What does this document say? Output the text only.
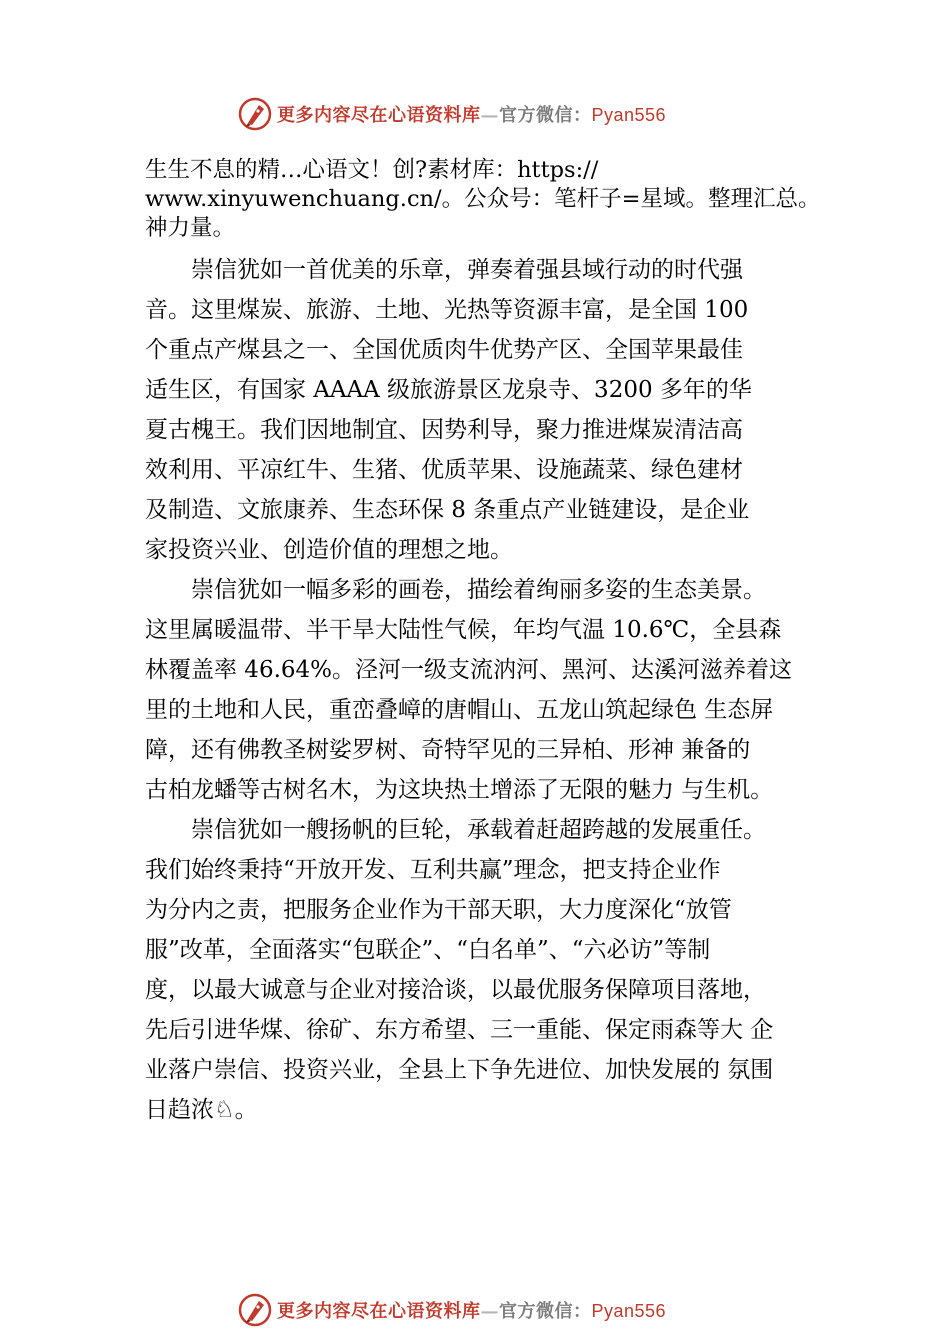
更多内容尽在心语资料库—官方微信：Pyan556
生生不息的精…心语文！创?素材库：https://
www.xinyuwenchuang.cn/。公众号：笔杆子=星域。整理汇总。
神力量。
　　崇信犹如一首优美的乐章，弹奏着强县域行动的时代强
音。这里煤炭、旅游、土地、光热等资源丰富，是全国 100
个重点产煤县之一、全国优质肉牛优势产区、全国苹果最佳
适生区，有国家 AAAA 级旅游景区龙泉寺、3200 多年的华
夏古槐王。我们因地制宜、因势利导，聚力推进煤炭清洁高
效利用、平凉红牛、生猪、优质苹果、设施蔬菜、绿色建材
及制造、文旅康养、生态环保 8 条重点产业链建设，是企业
家投资兴业、创造价值的理想之地。
　　崇信犹如一幅多彩的画卷，描绘着绚丽多姿的生态美景。
这里属暖温带、半干旱大陆性气候，年均气温 10.6℃，全县森
林覆盖率 46.64%。泾河一级支流汭河、黑河、达溪河滋养着这
里的土地和人民，重峦叠嶂的唐帽山、五龙山筑起绿色 生态屏
障，还有佛教圣树娑罗树、奇特罕见的三异柏、形神 兼备的
古柏龙蟠等古树名木，为这块热土增添了无限的魅力 与生机。
　　崇信犹如一艘扬帆的巨轮，承载着赶超跨越的发展重任。
我们始终秉持“开放开发、互利共赢”理念，把支持企业作
为分内之责，把服务企业作为干部天职，大力度深化“放管
服”改革，全面落实“包联企”、“白名单”、“六必访”等制
度，以最大诚意与企业对接洽谈，以最优服务保障项目落地，
先后引进华煤、徐矿、东方希望、三一重能、保定雨森等大 企
业落户崇信、投资兴业，全县上下争先进位、加快发展的 氛围
日趋浓♘。
更多内容尽在心语资料库—官方微信：Pyan556
